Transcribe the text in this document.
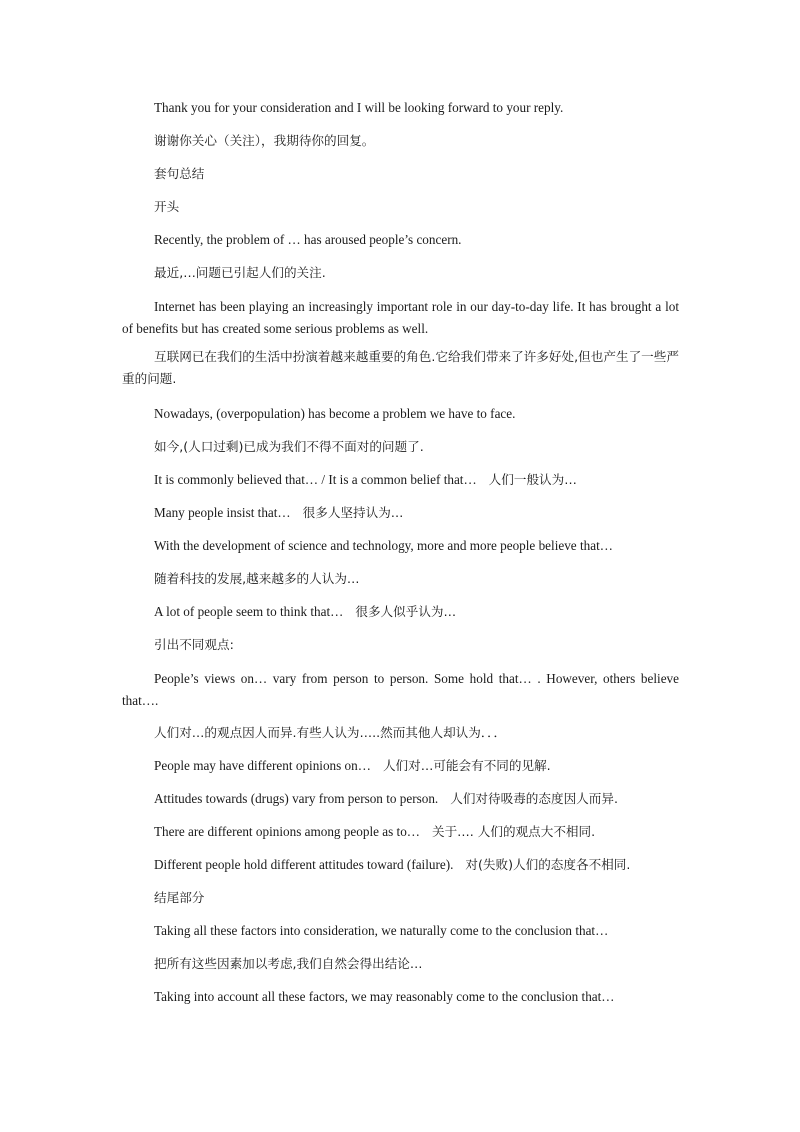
Thank you for your consideration and I will be looking forward to your reply.
谢谢你关心（关注），我期待你的回复。
套句总结
开头
Recently, the problem of … has aroused people’s concern.
最近,…问题已引起人们的关注.
Internet has been playing an increasingly important role in our day-to-day life. It has brought a lot of benefits but has created some serious problems as well.
互联网已在我们的生活中扮演着越来越重要的角色.它给我们带来了许多好处,但也产生了一些严重的问题.
Nowadays, (overpopulation) has become a problem we have to face.
如今,(人口过剩)已成为我们不得不面对的问题了.
It is commonly believed that… / It is a common belief that… 人们一般认为…
Many people insist that… 很多人坚持认为…
With the development of science and technology, more and more people believe that…
随着科技的发展,越来越多的人认为…
A lot of people seem to think that… 很多人似乎认为…
引出不同观点:
People’s views on… vary from person to person. Some hold that… . However, others believe that….
人们对…的观点因人而异.有些人认为…..然而其他人却认为．．．
People may have different opinions on… 人们对…可能会有不同的见解.
Attitudes towards (drugs) vary from person to person. 人们对待吸毒的态度因人而异.
There are different opinions among people as to… 关于…. 人们的观点大不相同.
Different people hold different attitudes toward (failure). 对(失败)人们的态度各不相同.
结尾部分
Taking all these factors into consideration, we naturally come to the conclusion that…
把所有这些因素加以考虑,我们自然会得出结论…
Taking into account all these factors, we may reasonably come to the conclusion that…
